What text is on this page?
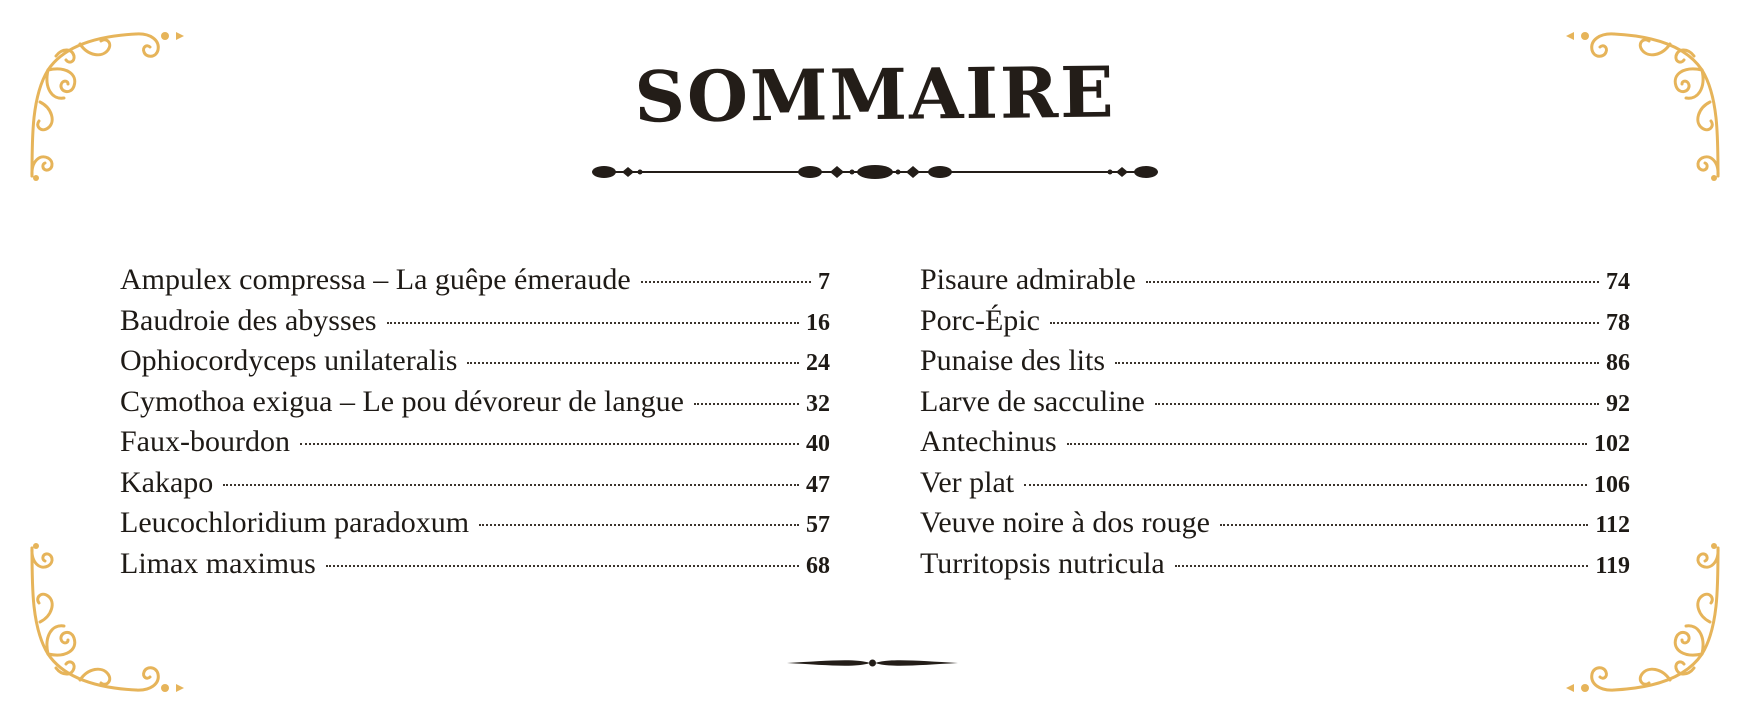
SOMMAIRE
Ampulex compressa – La guêpe émeraude	7
Baudroie des abysses	16
Ophiocordyceps unilateralis	24
Cymothoa exigua – Le pou dévoreur de langue	32
Faux-bourdon	40
Kakapo	47
Leucochloridium paradoxum	57
Limax maximus	68
Pisaure admirable	74
Porc-Épic	78
Punaise des lits	86
Larve de sacculine	92
Antechinus	102
Ver plat	106
Veuve noire à dos rouge	112
Turritopsis nutricula	119
